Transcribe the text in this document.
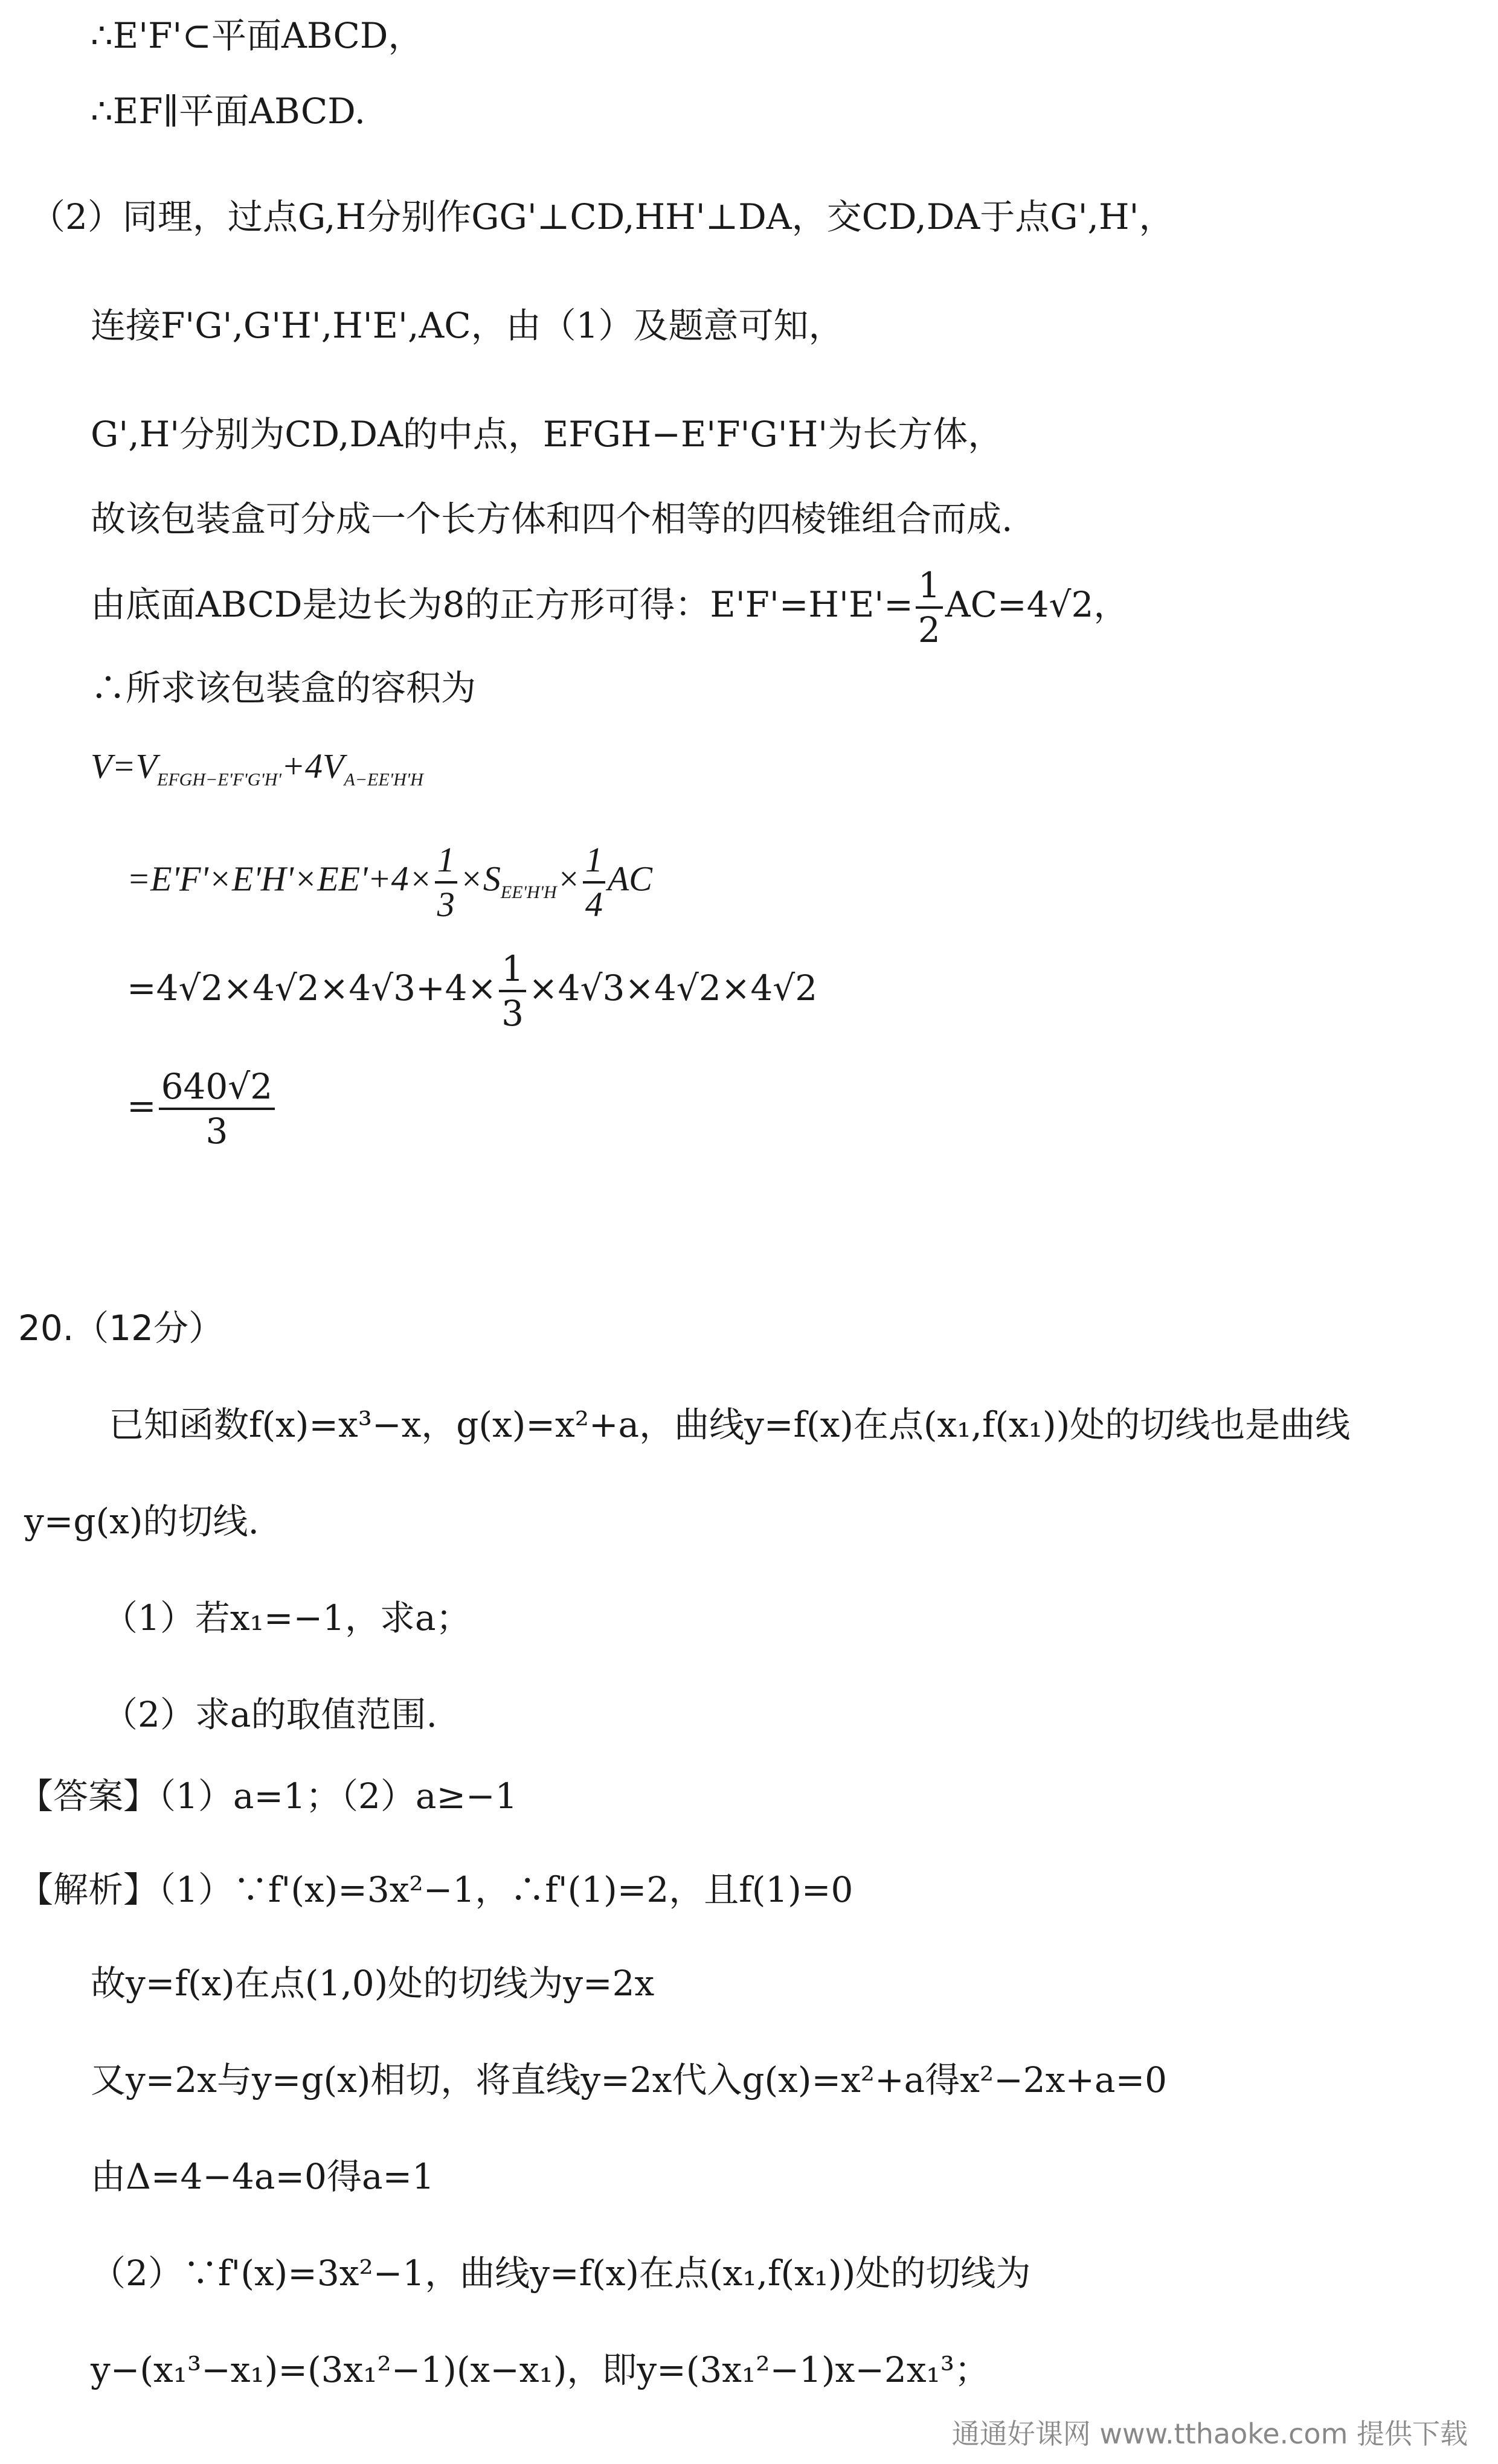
∴E'F'⊂平面ABCD，
∴EF∥平面ABCD.
（2）同理，过点G,H分别作GG'⊥CD,HH'⊥DA，交CD,DA于点G',H'，
连接F'G',G'H',H'E',AC，由（1）及题意可知，
G',H'分别为CD,DA的中点，EFGH−E'F'G'H'为长方体，
故该包装盒可分成一个长方体和四个相等的四棱锥组合而成.
由底面ABCD是边长为8的正方形可得：$E'F'=H'E'= \frac{1}{2} AC=4√2$，
∴所求该包装盒的容积为
$V=V_{EFGH-E'F'G'H'}+4V_{A-EE'H'H}$
$=E'F'\times E'H'\times EE'+4\times \frac{1}{3} \times S_{EE'H'H}\times \frac{1}{4}$ AC
$=4√2\times 4√2\times 4√3+4\times \frac{1}{3} \times 4√3\times 4√2\times 4√2$
= $\frac{640√2}{3}$
20.（12分）
已知函数f(x)=x³−x，g(x)=x²+a，曲线y=f(x)在点(x₁,f(x₁))处的切线也是曲线
y=g(x)的切线.
（1）若x₁=−1，求a；
（2）求a的取值范围.
【答案】（1）a=1；（2）a≥−1
【解析】（1）∵f'(x)=3x²−1，∴f'(1)=2，且f(1)=0
故y=f(x)在点(1,0)处的切线为y=2x
又y=2x与y=g(x)相切，将直线y=2x代入g(x)=x²+a得x²−2x+a=0
由Δ=4−4a=0得a=1
（2）∵f'(x)=3x²−1，曲线y=f(x)在点(x₁,f(x₁))处的切线为
y−(x₁³−x₁)=(3x₁²−1)(x−x₁)，即y=(3x₁²−1)x−2x₁³；
通通好课网 www.tthaoke.com 提供下载
